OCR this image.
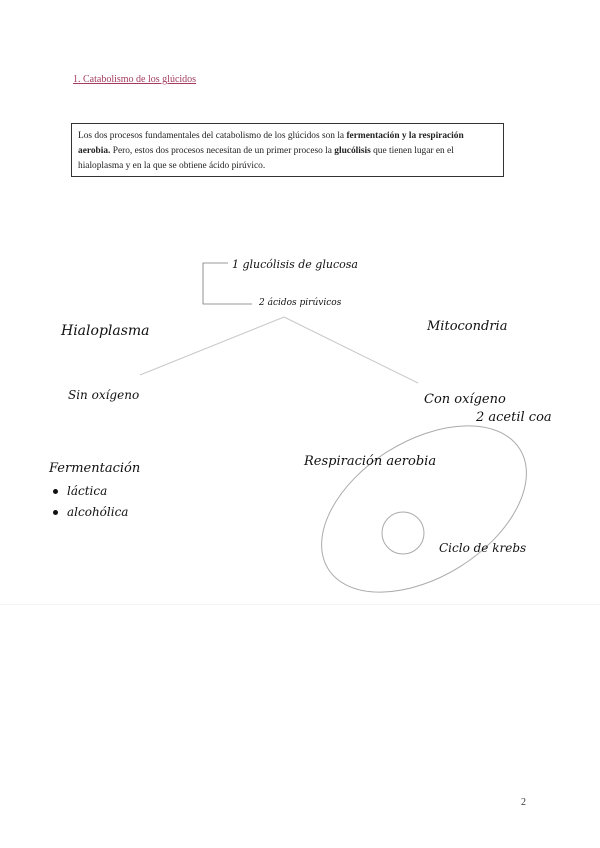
1. Catabolismo de los glúcidos
Los dos procesos fundamentales del catabolismo de los glúcidos son la fermentación y la respiración aerobia. Pero, estos dos procesos necesitan de un primer proceso la glucólisis que tienen lugar en el hialoplasma y en la que se obtiene ácido pirúvico.
1 glucólisis de glucosa
2 ácidos pirúvicos
Hialoplasma	Mitocondria
Sin oxígeno	Con oxígeno
2 acetil coa
Fermentación
láctica
alcohólica
Respiración aerobia
Ciclo de krebs
2
